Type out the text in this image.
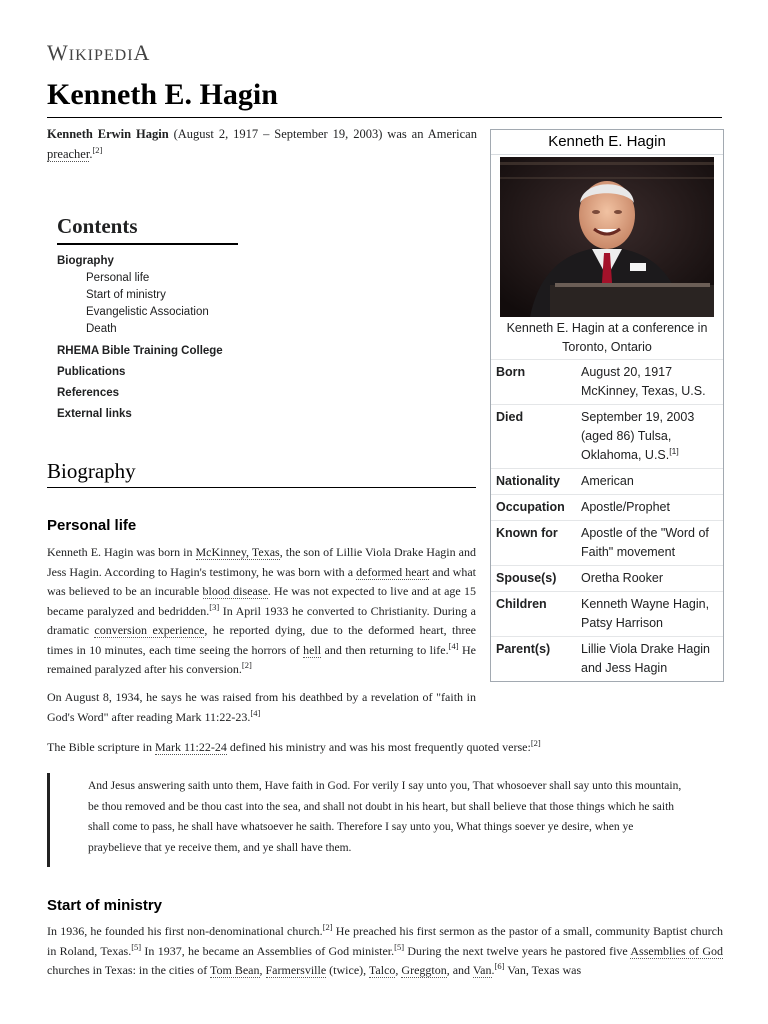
WIKIPEDIA
Kenneth E. Hagin
Kenneth Erwin Hagin (August 2, 1917 – September 19, 2003) was an American preacher.[2]
Contents
Biography
Personal life
Start of ministry
Evangelistic Association
Death
RHEMA Bible Training College
Publications
References
External links
Kenneth E. Hagin
Kenneth E. Hagin at a conference in Toronto, Ontario
Born	August 20, 1917 McKinney, Texas, U.S.
Died	September 19, 2003 (aged 86) Tulsa, Oklahoma, U.S.[1]
Nationality	American
Occupation	Apostle/Prophet
Known for	Apostle of the "Word of Faith" movement
Spouse(s)	Oretha Rooker
Children	Kenneth Wayne Hagin, Patsy Harrison
Parent(s)	Lillie Viola Drake Hagin and Jess Hagin
Biography
Personal life

Kenneth E. Hagin was born in McKinney, Texas, the son of Lillie Viola Drake Hagin and Jess Hagin. According to Hagin's testimony, he was born with a deformed heart and what was believed to be an incurable blood disease. He was not expected to live and at age 15 became paralyzed and bedridden.[3] In April 1933 he converted to Christianity. During a dramatic conversion experience, he reported dying, due to the deformed heart, three times in 10 minutes, each time seeing the horrors of hell and then returning to life.[4] He remained paralyzed after his conversion.[2]

On August 8, 1934, he says he was raised from his deathbed by a revelation of "faith in God's Word" after reading Mark 11:22-23.[4]

The Bible scripture in Mark 11:22-24 defined his ministry and was his most frequently quoted verse:[2]

And Jesus answering saith unto them, Have faith in God. For verily I say unto you, That whosoever shall say unto this mountain, be thou removed and be thou cast into the sea, and shall not doubt in his heart, but shall believe that those things which he saith shall come to pass, he shall have whatsoever he saith. Therefore I say unto you, What things soever ye desire, when ye praybelieve that ye receive them, and ye shall have them.

Start of ministry

In 1936, he founded his first non-denominational church.[2] He preached his first sermon as the pastor of a small, community Baptist church in Roland, Texas.[5] In 1937, he became an Assemblies of God minister.[5] During the next twelve years he pastored five Assemblies of God churches in Texas: in the cities of Tom Bean, Farmersville (twice), Talco, Greggton, and Van.[6] Van, Texas was
